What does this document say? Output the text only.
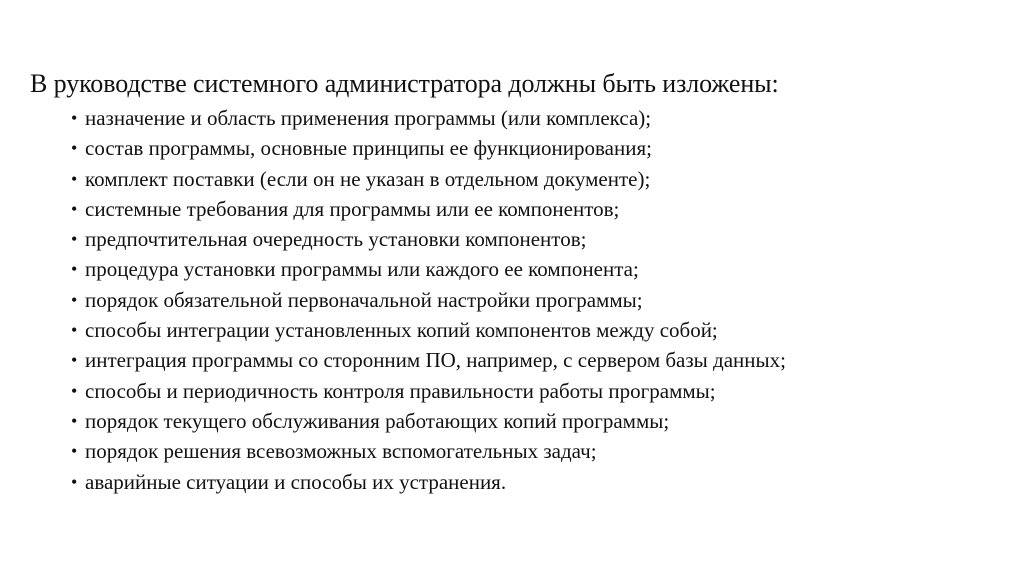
В руководстве системного администратора должны быть изложены:

• назначение и область применения программы (или комплекса);
• состав программы, основные принципы ее функционирования;
• комплект поставки (если он не указан в отдельном документе);
• системные требования для программы или ее компонентов;
• предпочтительная очередность установки компонентов;
• процедура установки программы или каждого ее компонента;
• порядок обязательной первоначальной настройки программы;
• способы интеграции установленных копий компонентов между собой;
• интеграция программы со сторонним ПО, например, с сервером базы данных;
• способы и периодичность контроля правильности работы программы;
• порядок текущего обслуживания работающих копий программы;
• порядок решения всевозможных вспомогательных задач;
• аварийные ситуации и способы их устранения.
